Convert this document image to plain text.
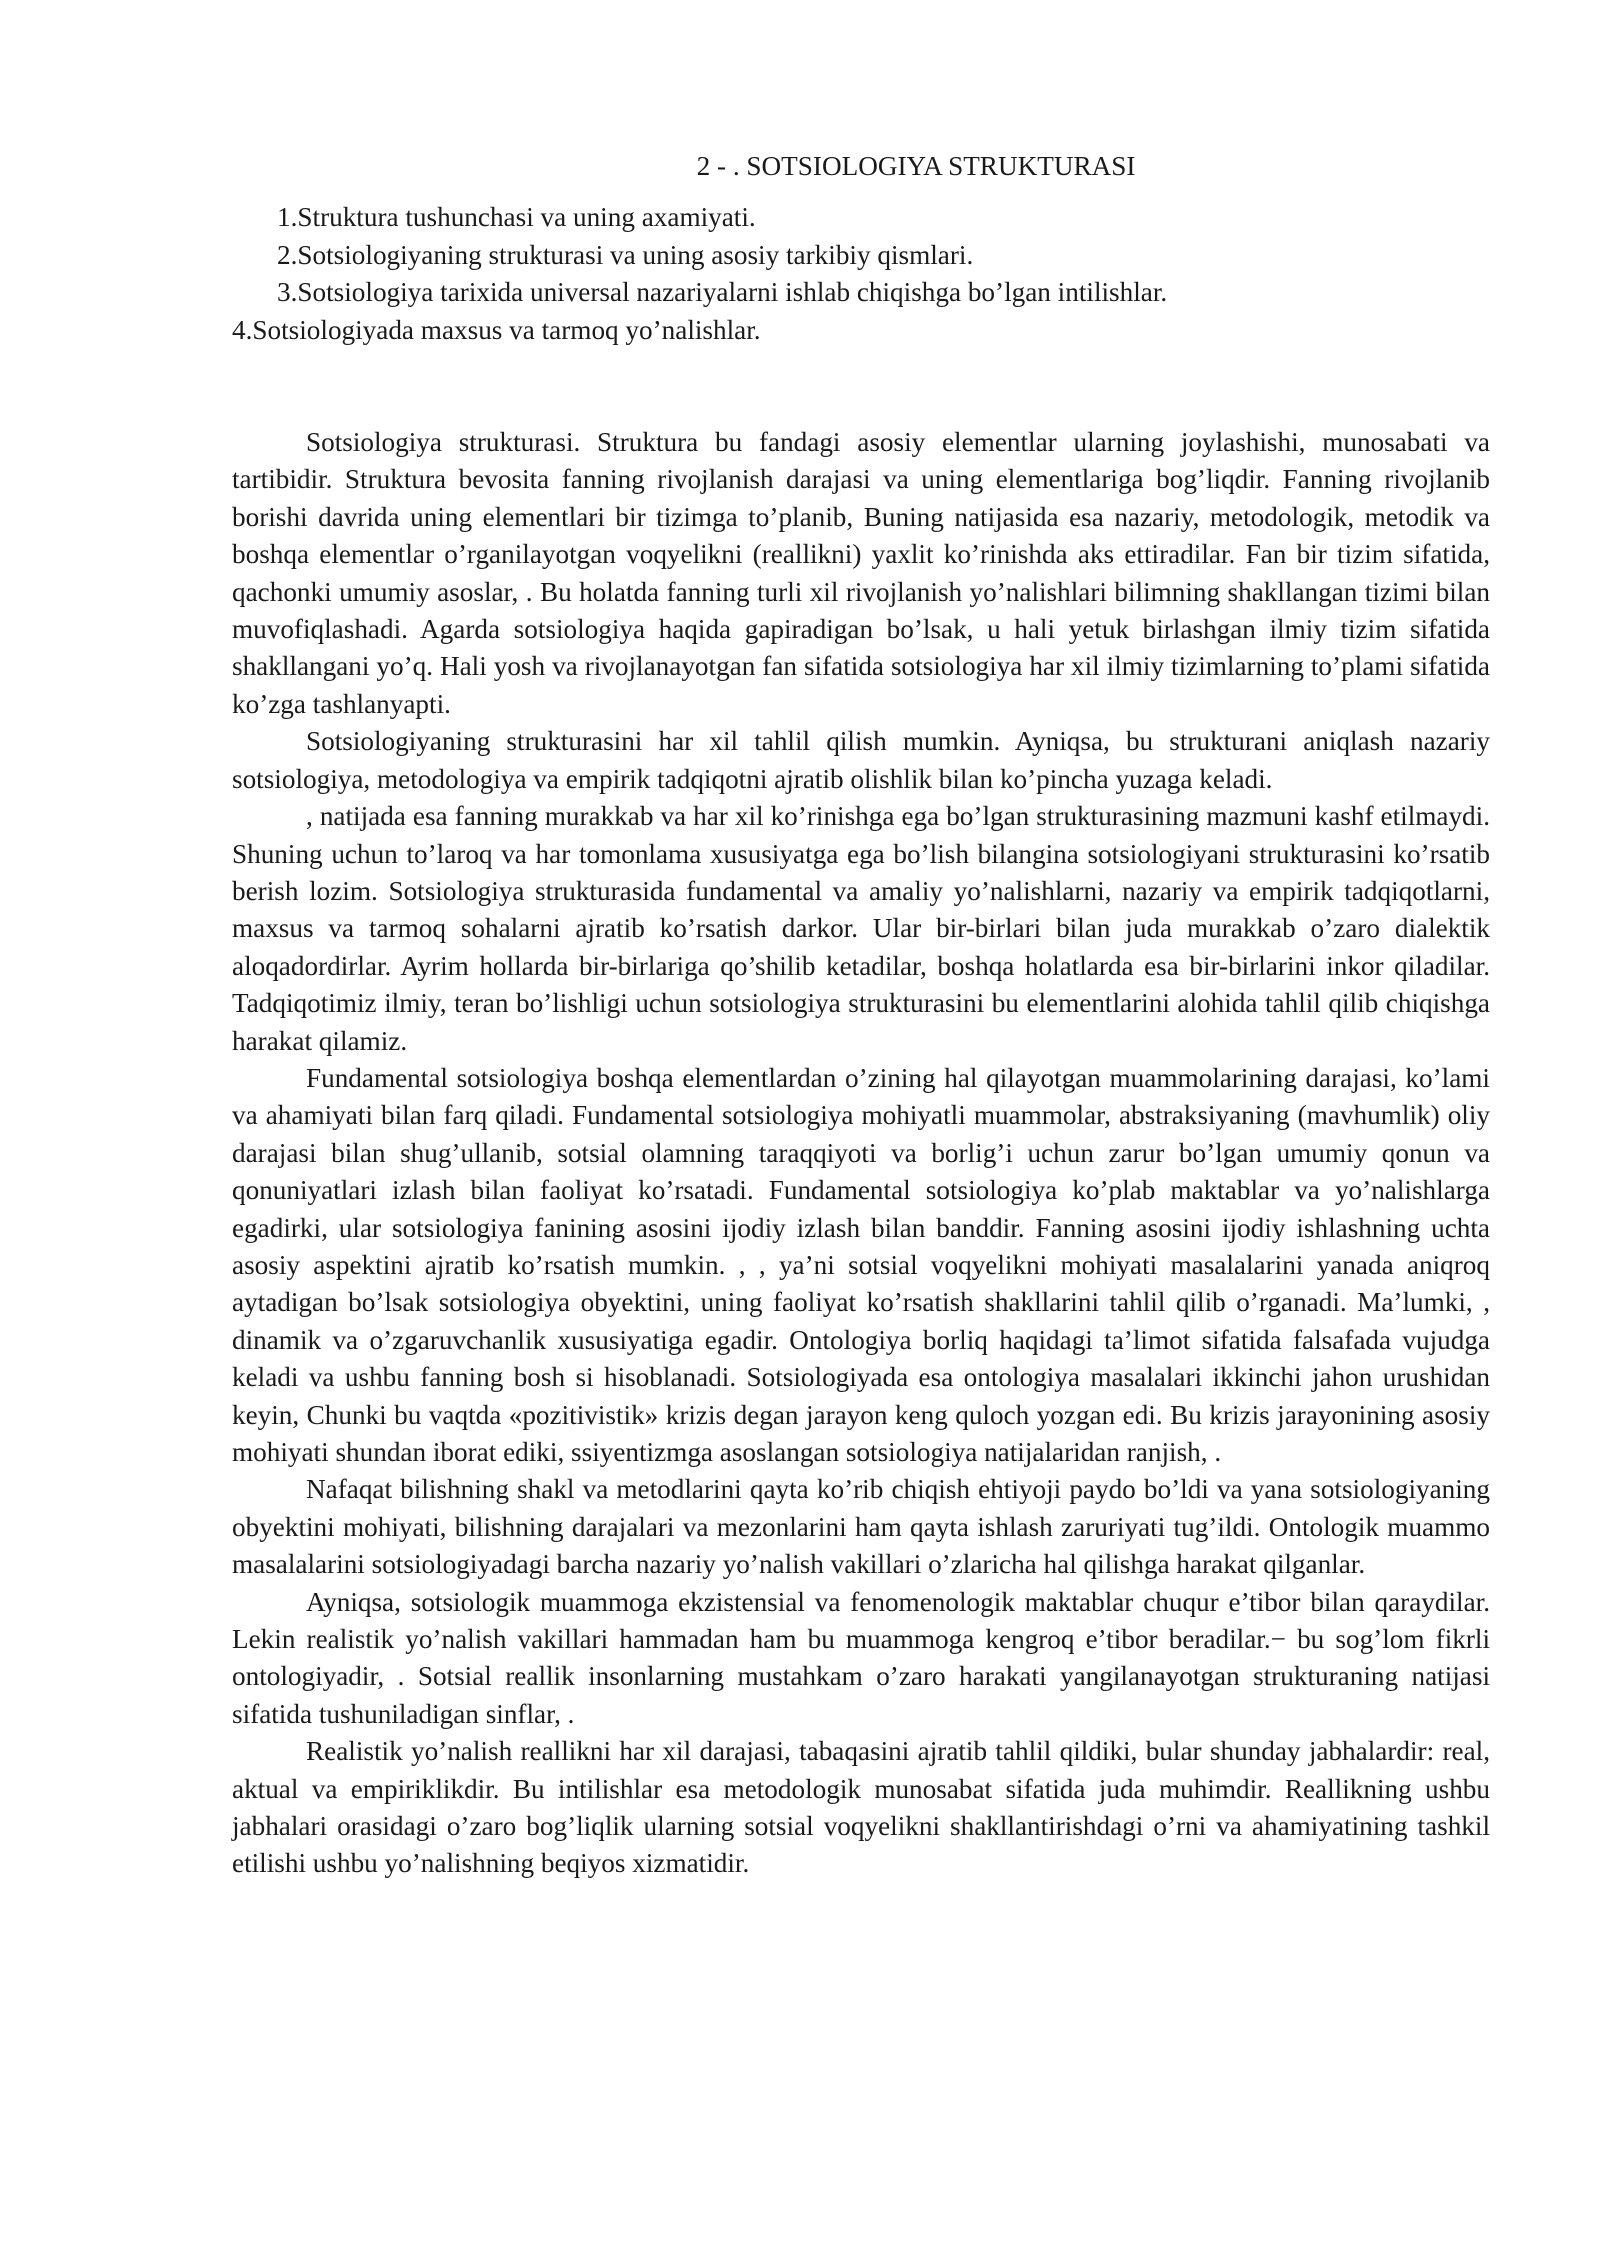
2 - . SOTSIOLOGIYA STRUKTURASI
1.Struktura tushunchasi va uning axamiyati.
2.Sotsiologiyaning strukturasi va uning asosiy tarkibiy qismlari.
3.Sotsiologiya tarixida universal nazariyalarni ishlab chiqishga bo’lgan intilishlar.
4.Sotsiologiyada maxsus va tarmoq yo’nalishlar.

Sotsiologiya strukturasi. Struktura bu fandagi asosiy elementlar ularning joylashishi, munosabati va tartibidir. Struktura bevosita fanning rivojlanish darajasi va uning elementlariga bog’liqdir. Fanning rivojlanib borishi davrida uning elementlari bir tizimga to’planib, Buning natijasida esa nazariy, metodologik, metodik va boshqa elementlar o’rganilayotgan voqyelikni (reallikni) yaxlit ko’rinishda aks ettiradilar. Fan bir tizim sifatida, qachonki umumiy asoslar, . Bu holatda fanning turli xil rivojlanish yo’nalishlari bilimning shakllangan tizimi bilan muvofiqlashadi. Agarda sotsiologiya haqida gapiradigan bo’lsak, u hali yetuk birlashgan ilmiy tizim sifatida shakllangani yo’q. Hali yosh va rivojlanayotgan fan sifatida sotsiologiya har xil ilmiy tizimlarning to’plami sifatida ko’zga tashlanyapti.

Sotsiologiyaning strukturasini har xil tahlil qilish mumkin. Ayniqsa, bu strukturani aniqlash nazariy sotsiologiya, metodologiya va empirik tadqiqotni ajratib olishlik bilan ko’pincha yuzaga keladi.

, natijada esa fanning murakkab va har xil ko’rinishga ega bo’lgan strukturasining mazmuni kashf etilmaydi. Shuning uchun to’laroq va har tomonlama xususiyatga ega bo’lish bilangina sotsiologiyani strukturasini ko’rsatib berish lozim. Sotsiologiya strukturasida fundamental va amaliy yo’nalishlarni, nazariy va empirik tadqiqotlarni, maxsus va tarmoq sohalarni ajratib ko’rsatish darkor. Ular bir-birlari bilan juda murakkab o’zaro dialektik aloqadordirlar. Ayrim hollarda bir-birlariga qo’shilib ketadilar, boshqa holatlarda esa bir-birlarini inkor qiladilar. Tadqiqotimiz ilmiy, teran bo’lishligi uchun sotsiologiya strukturasini bu elementlarini alohida tahlil qilib chiqishga harakat qilamiz.

Fundamental sotsiologiya boshqa elementlardan o’zining hal qilayotgan muammolarining darajasi, ko’lami va ahamiyati bilan farq qiladi. Fundamental sotsiologiya mohiyatli muammolar, abstraksiyaning (mavhumlik) oliy darajasi bilan shug’ullanib, sotsial olamning taraqqiyoti va borlig’i uchun zarur bo’lgan umumiy qonun va qonuniyatlari izlash bilan faoliyat ko’rsatadi. Fundamental sotsiologiya ko’plab maktablar va yo’nalishlarga egadirki, ular sotsiologiya fanining asosini ijodiy izlash bilan banddir. Fanning asosini ijodiy ishlashning uchta asosiy aspektini ajratib ko’rsatish mumkin. , , ya’ni sotsial voqyelikni mohiyati masalalarini yanada aniqroq aytadigan bo’lsak sotsiologiya obyektini, uning faoliyat ko’rsatish shakllarini tahlil qilib o’rganadi. Ma’lumki, , dinamik va o’zgaruvchanlik xususiyatiga egadir. Ontologiya borliq haqidagi ta’limot sifatida falsafada vujudga keladi va ushbu fanning bosh si hisoblanadi. Sotsiologiyada esa ontologiya masalalari ikkinchi jahon urushidan keyin, Chunki bu vaqtda «pozitivistik» krizis degan jarayon keng quloch yozgan edi. Bu krizis jarayonining asosiy mohiyati shundan iborat ediki, ssiyentizmga asoslangan sotsiologiya natijalaridan ranjish, .

Nafaqat bilishning shakl va metodlarini qayta ko’rib chiqish ehtiyoji paydo bo’ldi va yana sotsiologiyaning obyektini mohiyati, bilishning darajalari va mezonlarini ham qayta ishlash zaruriyati tug’ildi. Ontologik muammo masalalarini sotsiologiyadagi barcha nazariy yo’nalish vakillari o’zlaricha hal qilishga harakat qilganlar.

Ayniqsa, sotsiologik muammoga ekzistensial va fenomenologik maktablar chuqur e’tibor bilan qaraydilar. Lekin realistik yo’nalish vakillari hammadan ham bu muammoga kengroq e’tibor beradilar.− bu sog’lom fikrli ontologiyadir, . Sotsial reallik insonlarning mustahkam o’zaro harakati yangilanayotgan strukturaning natijasi sifatida tushuniladigan sinflar, .

Realistik yo’nalish reallikni har xil darajasi, tabaqasini ajratib tahlil qildiki, bular shunday jabhalardir: real, aktual va empiriklikdir. Bu intilishlar esa metodologik munosabat sifatida juda muhimdir. Reallikning ushbu jabhalari orasidagi o’zaro bog’liqlik ularning sotsial voqyelikni shakllantirishdagi o’rni va ahamiyatining tashkil etilishi ushbu yo’nalishning beqiyos xizmatidir.
